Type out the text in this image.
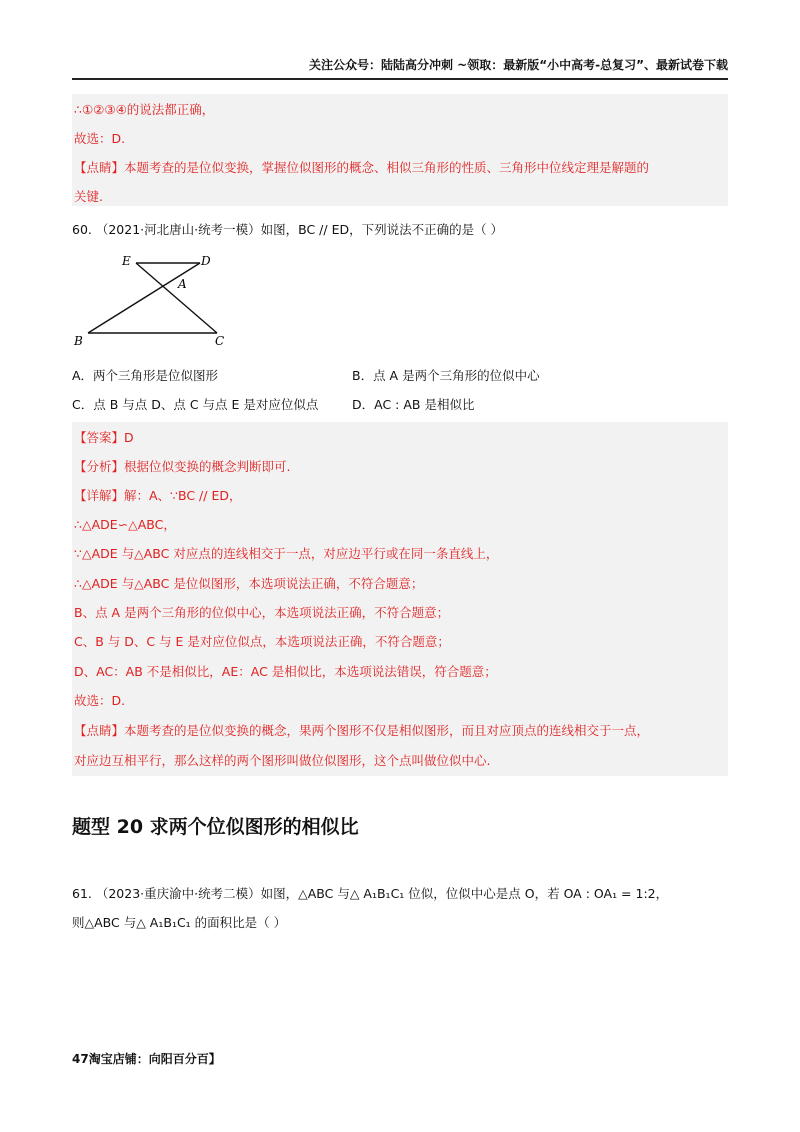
关注公众号：陆陆高分冲刺 ~领取：最新版“小中高考-总复习”、最新试卷下载
∴①②③④的说法都正确，
故选：D.
【点睛】本题考查的是位似变换，掌握位似图形的概念、相似三角形的性质、三角形中位线定理是解题的
关键.
60. （2021·河北唐山·统考一模）如图，BC // ED，下列说法不正确的是（ ）
E	D
A
B	C
A．两个三角形是位似图形	B．点 A 是两个三角形的位似中心
C．点 B 与点 D、点 C 与点 E 是对应位似点	D．AC : AB 是相似比
【答案】D
【分析】根据位似变换的概念判断即可.
【详解】解：A、∵BC // ED，
∴△ADE∽△ABC，
∵△ADE 与△ABC 对应点的连线相交于一点，对应边平行或在同一条直线上，
∴△ADE 与△ABC 是位似图形，本选项说法正确，不符合题意；
B、点 A 是两个三角形的位似中心，本选项说法正确，不符合题意；
C、B 与 D、C 与 E 是对应位似点，本选项说法正确，不符合题意；
D、AC：AB 不是相似比，AE：AC 是相似比，本选项说法错误，符合题意；
故选：D.
【点睛】本题考查的是位似变换的概念，果两个图形不仅是相似图形，而且对应顶点的连线相交于一点，
对应边互相平行，那么这样的两个图形叫做位似图形，这个点叫做位似中心.
题型 20 求两个位似图形的相似比
61. （2023·重庆渝中·统考二模）如图，△ABC 与△ A₁B₁C₁ 位似，位似中心是点 O，若 OA : OA₁ = 1:2，
则△ABC 与△ A₁B₁C₁ 的面积比是（ ）
47淘宝店铺：向阳百分百】
